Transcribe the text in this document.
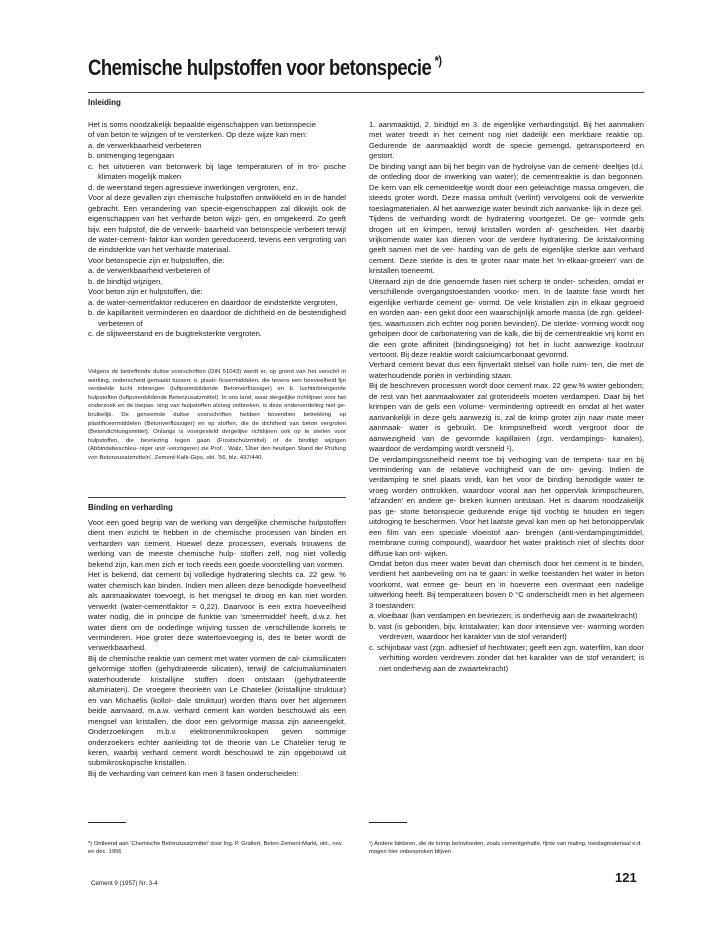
Chemische hulpstoffen voor betonspecie *)
Inleiding

Het is soms noodzakelijk bepaalde eigenschappen van betonspecie

of van beton te wijzigen of te versterken. Op deze wijze kan men:

a. de verwerkbaarheid verbeteren

b. ontmenging tegengaan

c. het uitvoeren van betonwerk bij lage temperaturen of in tro- pische klimaten mogelijk maken

d. de weerstand tegen agressieve inwerkingen vergroten, enz.

Voor al deze gevallen zijn chemische hulpstoffen ontwikkeld en in de handel gebracht. Een verandering van specie-eigenschappen zal dikwijls ook de eigenschappen van het verharde beton wijzi- gen, en omgekeerd. Zo geeft bijv. een hulpstof, die de verwerk- baarheid van betonspecie verbetert terwijl de water-cement- faktor kan worden gereduceerd, tevens een vergroting van de eindsterkte van het verharde materiaal.

Voor betonspecie zijn er hulpstoffen, die:

a. de verwerkbaarheid verbeteren of

b. de bindtijd wijzigen.

Voor beton zijn er hulpstoffen, die:

a. de water-cementfaktor reduceren en daardoor de eindsterkte vergroten,

b. de kapillariteit verminderen en daardoor de dichtheid en de bestendigheid verbeteren of

c. de slijtweerstand en de buigtreksterkte vergroten.

Volgens de betreffende duitse voorschriften (DIN 51043) wordt er, op grond van het verschil in werking, onderscheid gemaakt tussen: o. plasti- ficeermiddelen, die tevens een hoeveelheid fijn verdeelde lucht inbrengen (luftporenbildende Betonverflüssiger) en b. luchtinbrengende hulpstoffen (luftporenbildende Betonzusatzmittel). In ons land, waar dergelijke richtlijnen voor het onderzoek en de toepas- sing van hulpstoffen alsnog ontbreken, is deze onderverdeling niet ge- bruikelijk. De genoemde duitse voorschriften hebben bovendien betrekking op plastificeermiddelen (Betonverflüssiger) en op stoffen, die de dichtheid van beton vergroten (Betondichtungsmittel). Onlangs is voorgesteld dergelijke richtlijnen ook op te stellen voor hulpstoffen, die bevriezing tegen gaan (Frostschutzmittel) of de bindtijd wijzigen (Abbindebeschleu- niger und -verzögerer) zie Prof. . Walz, 'Über den heutigen Stand der Prüfung von Betonzusatzmitteln', Zement-Kalk-Gips, okt. '56, blz. 437/440.
Binding en verharding

Voor een goed begrip van de werking van dergelijke chemische hulpstoffen dient men inzicht te hebben in de chemische processen van binden en verharden van cement. Hoewel deze processen, evenals trouwens de werking van de meeste chemische hulp- stoffen zelf, nog niet volledig bekend zijn, kan men zich er toch reeds een goede voorstelling van vormen.

Het is bekend, dat cement bij volledige hydratering slechts ca. 22 gew. % water chemisch kan binden. Indien men alleen deze benodigde hoeveelheid als aanmaakwater toevoegt, is het mengsel te droog en kan niet worden verwerkt (water-cementfaktor = 0,22). Daarvoor is een extra hoeveelheid water nodig, die in principe de funktie van 'smeermiddel' heeft, d.w.z. het water dient om de onderlinge wrijving tussen de verschillende korrels te verminderen. Hoe groter deze watertoevoeging is, des te beter wordt de verwerkbaarheid.

Bij de chemische reaktie van cement met water vormen de cal- ciumsilicaten gelvormige stoffen (gehydrateerde silicaten), terwijl de calciumaluminaten waterhoudende kristallijne stoffen doen ontstaan (gehydrateerde aluminaten). De vroegere theorieën van Le Chatelier (kristallijne struktuur) en van Michaëlis (kolloï- dale struktuur) worden thans over het algemeen beide aanvaard, m.a.w. verhard cement kan worden beschouwd als een mengsel van kristallen, die door een gelvormige massa zijn aaneengekit. Onderzoekingen m.b.v. elektronenmikroskopen geven sommige onderzoekers echter aanleiding tot de theorie van Le Chatelier terug te keren, waarbij verhard cement wordt beschouwd te zijn opgebouwd uit submikroskopische kristallen.

Bij de verharding van cement kan men 3 fasen onderscheiden:

1. aanmaaktijd, 2. bindtijd en 3. de eigenlijke verhardingstijd. Bij het aanmaken met water treedt in het cement nog niet dadelijk een merkbare reaktie op. Gedurende de aanmaaktijd wordt de specie gemengd, getransporteerd en gestort.

De binding vangt aan bij het begin van de hydrolyse van de cement- deeltjes (d.i. de ontleding door de inwerking van water); de cementreaktie is dan begonnen. De kern van elk cementdeeltje wordt door een geleiachtige massa omgeven, die steeds groter wordt. Deze massa omhult (verlint) vervolgens ook de verwerkte toeslagmaterialen. Al het aanwezige water bevindt zich aanvanke- lijk in deze gel.

Tijdens de verharding wordt de hydratering voortgezet. De ge- vormde gels drogen uit en krimpen, terwijl kristallen worden af- gescheiden. Het daarbij vrijkomende water kan dienen voor de verdere hydratering. De kristalvorming geeft samen met de ver- harding van de gels de eigenlijke sterkte aan verhard cement. Deze sterkte is des te groter naar mate het 'in-elkaar-groeien' van de kristallen toeneemt.

Uiteraard zijn de drie genoemde fasen niet scherp te onder- scheiden, omdat er verschillende overgangstoestanden voorko- men. In de laatste fase wordt het eigenlijke verharde cement ge- vormd. De vele kristallen zijn in elkaar gegroeid en worden aan- een gekit door een waarschijnlijk amorfe massa (de zgn. geldeel- tjes, waartussen zich echter nog poriën bevinden). De sterkte- vorming wordt nog geholpen door de carbonatering van de kalk, die bij de cementreaktie vrij komt en die een grote affiniteit (bindingsneiging) tot het in lucht aanwezige koolzuur vertoont. Bij deze reaktie wordt calciumcarbonaat gevormd.

Verhard cement bevat dus een fijnvertakt stelsel van holle ruim- ten, die met de waterhoudende poriën in verbinding staan.

Bij de beschreven processen wordt door cement max. 22 gew.% water gebonden; de rest van het aanmaakwater zal grotendeels moeten verdampen. Daar bij het krimpen van de gels een volume- vermindering optreedt en omdat al het water aanvankelijk in deze gels aanwezig is, zal de krimp groter zijn naar mate meer aanmaak- water is gebruikt. De krimpsnelheid wordt vergroot door de aanwezigheid van de gevormde kapillairen (zgn. verdampings- kanalen), waardoor de verdamping wordt versneld ¹).

De verdampingssnelheid neemt toe bij verhoging van de tempera- tuur en bij vermindering van de relatieve vochtigheid van de om- geving. Indien de verdamping te snel plaats vindt, kan het voor de binding benodigde water te vroeg worden onttrokken, waardoor vooral aan het oppervlak krimpscheuren, 'afzanden' en andere ge- breken kunnen ontstaan. Het is daarom noodzakelijk pas ge- storte betonspecie gedurende enige tijd vochtig te houden en tegen uitdroging te beschermen. Voor het laatste geval kan men op het betonoppervlak een film van een speciale vloeistof aan- brengen (anti-verdampingsmiddel, membrane curing compound), waardoor het water praktisch niet of slechts door diffusie kan ont- wijken.

Omdat beton dus meer water bevat dan chemisch door het cement is te binden, verdient het aanbeveling om na te gaan: in welke toestanden het water in beton voorkomt, wat ermee ge- beurt en in hoeverre een overmaat een nadelige uitwerking heeft. Bij temperaturen boven 0 °C onderscheidt men in het algemeen 3 toestanden:

a. vloeibaar (kan verdampen en bevriezen; is onderhevig aan de zwaartekracht)

b. vast (is gebonden, bijv. kristalwater; kan door intensieve ver- warming worden verdreven, waardoor het karakter van de stof verandert)

c. schijnbaar vast (zgn. adhesief of hechtwater; geeft een zgn. waterfilm, kan door verhitting worden verdreven zonder dat het karakter van de stof verandert; is niet onderhevig aan de zwaartekracht)

*) Ontleend aan 'Chemische Betonzusatzmittel' door Ing. P. Grallert, Beton-Zement-Markt, okt., nov. en dec. 1956
¹) Andere faktoren, die de krimp beïnvloeden, zoals cementgehalte, fijnte van maling, toeslagmateriaal e.d. mogen hier onbesproken blijven.
Cement 9 (1957) Nr. 3-4	121
